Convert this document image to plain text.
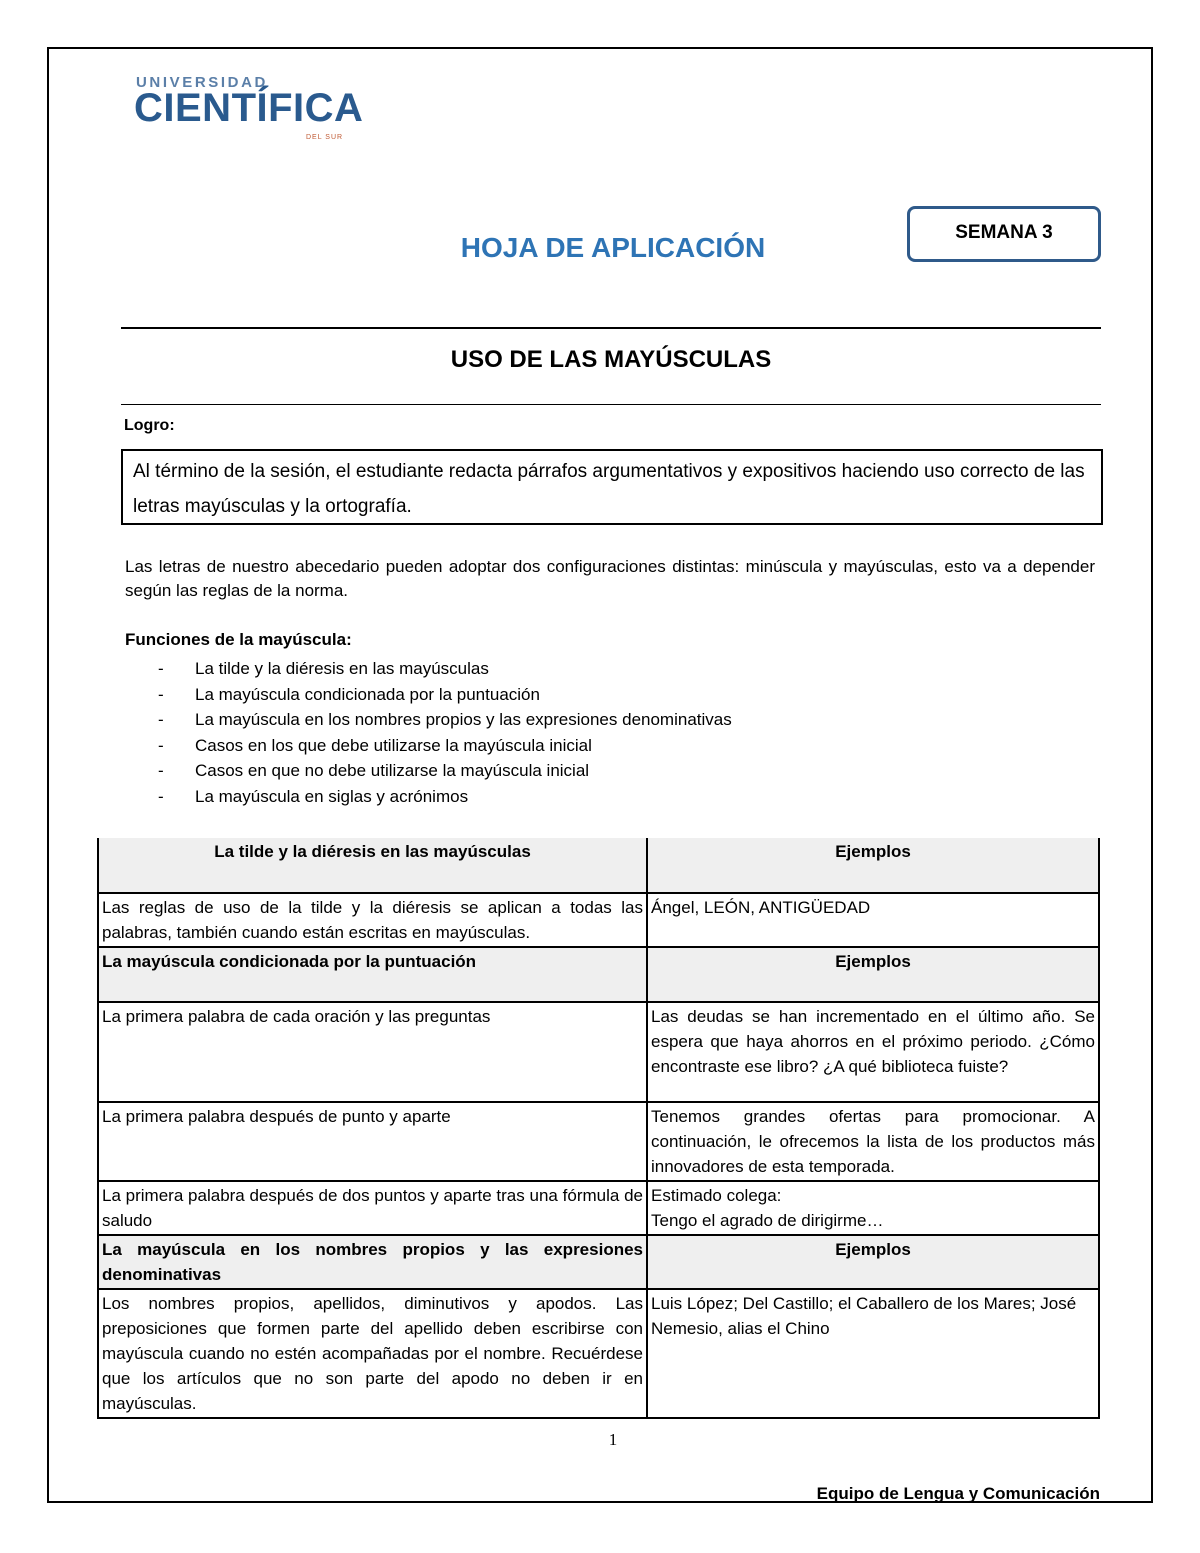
UNIVERSIDAD
CIENTÍFICA
DEL SUR
HOJA DE APLICACIÓN	SEMANA 3
USO DE LAS MAYÚSCULAS
Logro:
Al término de la sesión, el estudiante redacta párrafos argumentativos y expositivos haciendo uso correcto de las letras mayúsculas y la ortografía.
Las letras de nuestro abecedario pueden adoptar dos configuraciones distintas: minúscula y mayúsculas, esto va a depender según las reglas de la norma.
Funciones de la mayúscula:
- La tilde y la diéresis en las mayúsculas
- La mayúscula condicionada por la puntuación
- La mayúscula en los nombres propios y las expresiones denominativas
- Casos en los que debe utilizarse la mayúscula inicial
- Casos en que no debe utilizarse la mayúscula inicial
- La mayúscula en siglas y acrónimos
La tilde y la diéresis en las mayúsculas	Ejemplos
Las reglas de uso de la tilde y la diéresis se aplican a todas las palabras, también cuando están escritas en mayúsculas.	Ángel, LEÓN, ANTIGÜEDAD
La mayúscula condicionada por la puntuación	Ejemplos
La primera palabra de cada oración y las preguntas	Las deudas se han incrementado en el último año. Se espera que haya ahorros en el próximo periodo. ¿Cómo encontraste ese libro? ¿A qué biblioteca fuiste?
La primera palabra después de punto y aparte	Tenemos grandes ofertas para promocionar. A continuación, le ofrecemos la lista de los productos más innovadores de esta temporada.
La primera palabra después de dos puntos y aparte tras una fórmula de saludo	Estimado colega:
Tengo el agrado de dirigirme…

La mayúscula en los nombres propios y las expresiones denominativas	Ejemplos
Los nombres propios, apellidos, diminutivos y apodos. Las preposiciones que formen parte del apellido deben escribirse con mayúscula cuando no estén acompañadas por el nombre. Recuérdese que los artículos que no son parte del apodo no deben ir en mayúsculas.	Luis López; Del Castillo; el Caballero de los Mares; José Nemesio, alias el Chino
1
Equipo de Lengua y Comunicación
